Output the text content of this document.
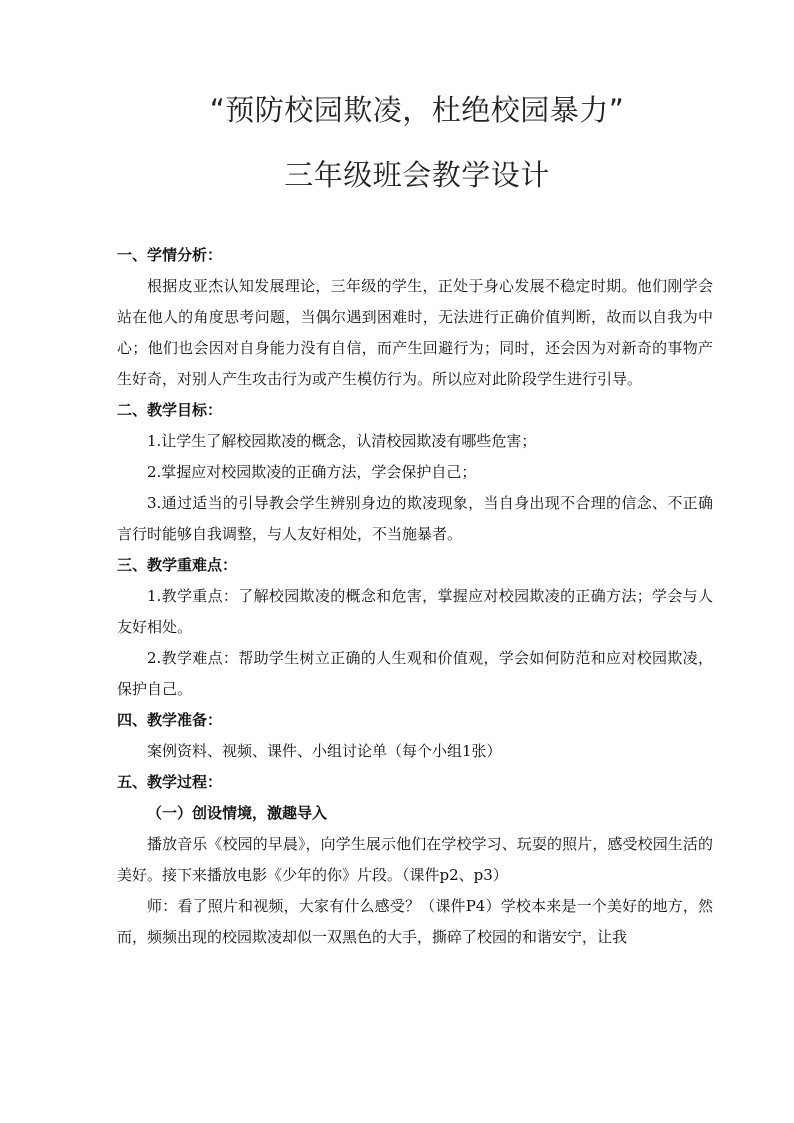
“预防校园欺凌，杜绝校园暴力”
三年级班会教学设计

一、学情分析：

根据皮亚杰认知发展理论，三年级的学生，正处于身心发展不稳定时期。他们刚学会站在他人的角度思考问题，当偶尔遇到困难时，无法进行正确价值判断，故而以自我为中心；他们也会因对自身能力没有自信，而产生回避行为；同时，还会因为对新奇的事物产生好奇，对别人产生攻击行为或产生模仿行为。所以应对此阶段学生进行引导。

二、教学目标：

1.让学生了解校园欺凌的概念，认清校园欺凌有哪些危害；

2.掌握应对校园欺凌的正确方法，学会保护自己；

3.通过适当的引导教会学生辨别身边的欺凌现象，当自身出现不合理的信念、不正确言行时能够自我调整，与人友好相处，不当施暴者。

三、教学重难点：

1.教学重点：了解校园欺凌的概念和危害，掌握应对校园欺凌的正确方法；学会与人友好相处。

2.教学难点：帮助学生树立正确的人生观和价值观，学会如何防范和应对校园欺凌，保护自己。

四、教学准备：

案例资料、视频、课件、小组讨论单（每个小组1张）

五、教学过程：

（一）创设情境，激趣导入

播放音乐《校园的早晨》，向学生展示他们在学校学习、玩耍的照片，感受校园生活的美好。接下来播放电影《少年的你》片段。（课件p2、p3）

师：看了照片和视频，大家有什么感受？（课件P4）学校本来是一个美好的地方，然而，频频出现的校园欺凌却似一双黑色的大手，撕碎了校园的和谐安宁，让我
